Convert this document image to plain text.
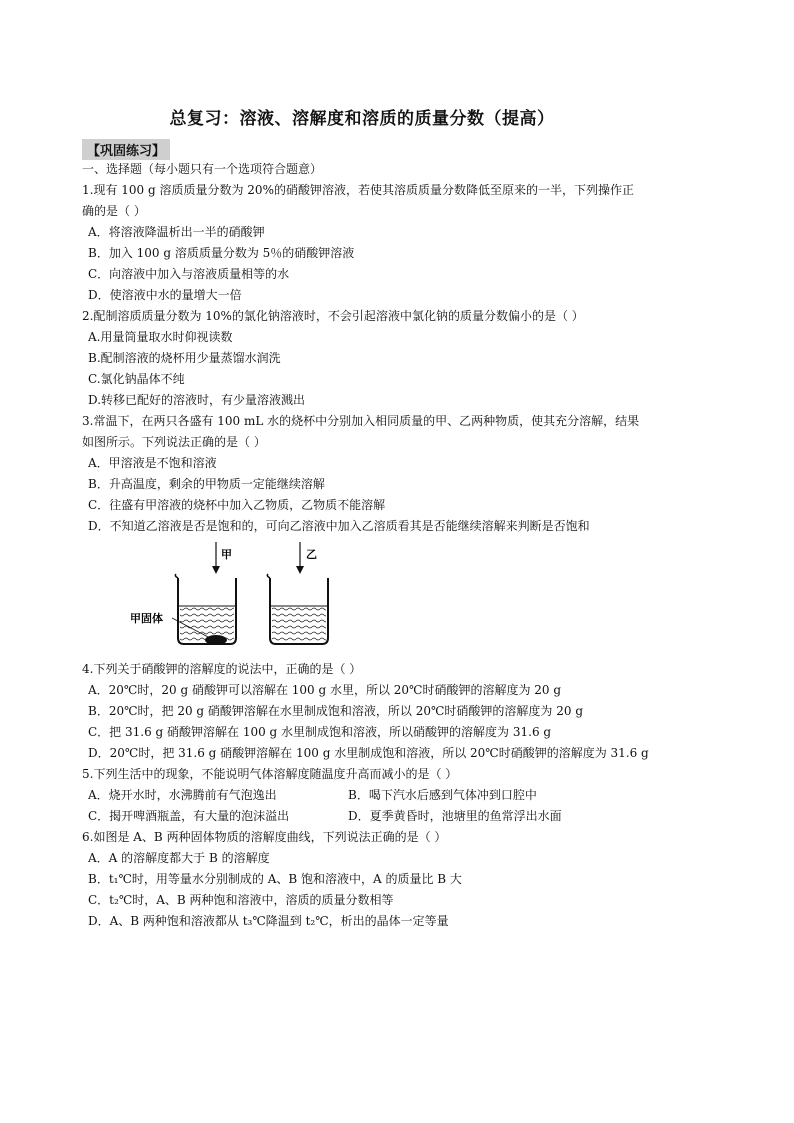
总复习：溶液、溶解度和溶质的质量分数（提高）
【巩固练习】
一、选择题（每小题只有一个选项符合题意）
1.现有 100 g 溶质质量分数为 20%的硝酸钾溶液，若使其溶质质量分数降低至原来的一半，下列操作正
确的是（ ）
A．将溶液降温析出一半的硝酸钾
B．加入 100 g 溶质质量分数为 5％的硝酸钾溶液
C．向溶液中加入与溶液质量相等的水
D．使溶液中水的量增大一倍
2.配制溶质质量分数为 10%的氯化钠溶液时，不会引起溶液中氯化钠的质量分数偏小的是（ ）
A.用量筒量取水时仰视读数
B.配制溶液的烧杯用少量蒸馏水润洗
C.氯化钠晶体不纯
D.转移已配好的溶液时，有少量溶液溅出
3.常温下，在两只各盛有 100 mL 水的烧杯中分别加入相同质量的甲、乙两种物质，使其充分溶解，结果
如图所示。下列说法正确的是（ ）
A．甲溶液是不饱和溶液
B．升高温度，剩余的甲物质一定能继续溶解
C．往盛有甲溶液的烧杯中加入乙物质，乙物质不能溶解
D．不知道乙溶液是否是饱和的，可向乙溶液中加入乙溶质看其是否能继续溶解来判断是否饱和
甲	乙
甲固体
4.下列关于硝酸钾的溶解度的说法中，正确的是（ ）
A．20℃时，20 g 硝酸钾可以溶解在 100 g 水里，所以 20℃时硝酸钾的溶解度为 20 g
B．20℃时，把 20 g 硝酸钾溶解在水里制成饱和溶液，所以 20℃时硝酸钾的溶解度为 20 g
C．把 31.6 g 硝酸钾溶解在 100 g 水里制成饱和溶液，所以硝酸钾的溶解度为 31.6 g
D．20℃时，把 31.6 g 硝酸钾溶解在 100 g 水里制成饱和溶液，所以 20℃时硝酸钾的溶解度为 31.6 g
5.下列生活中的现象，不能说明气体溶解度随温度升高而减小的是（ ）
A．烧开水时，水沸腾前有气泡逸出	B．喝下汽水后感到气体冲到口腔中
C．揭开啤酒瓶盖，有大量的泡沫溢出	D．夏季黄昏时，池塘里的鱼常浮出水面
6.如图是 A、B 两种固体物质的溶解度曲线，下列说法正确的是（ ）
A．A 的溶解度都大于 B 的溶解度
B．t₁℃时，用等量水分别制成的 A、B 饱和溶液中，A 的质量比 B 大
C．t₂℃时，A、B 两种饱和溶液中，溶质的质量分数相等
D．A、B 两种饱和溶液都从 t₃℃降温到 t₂℃，析出的晶体一定等量
